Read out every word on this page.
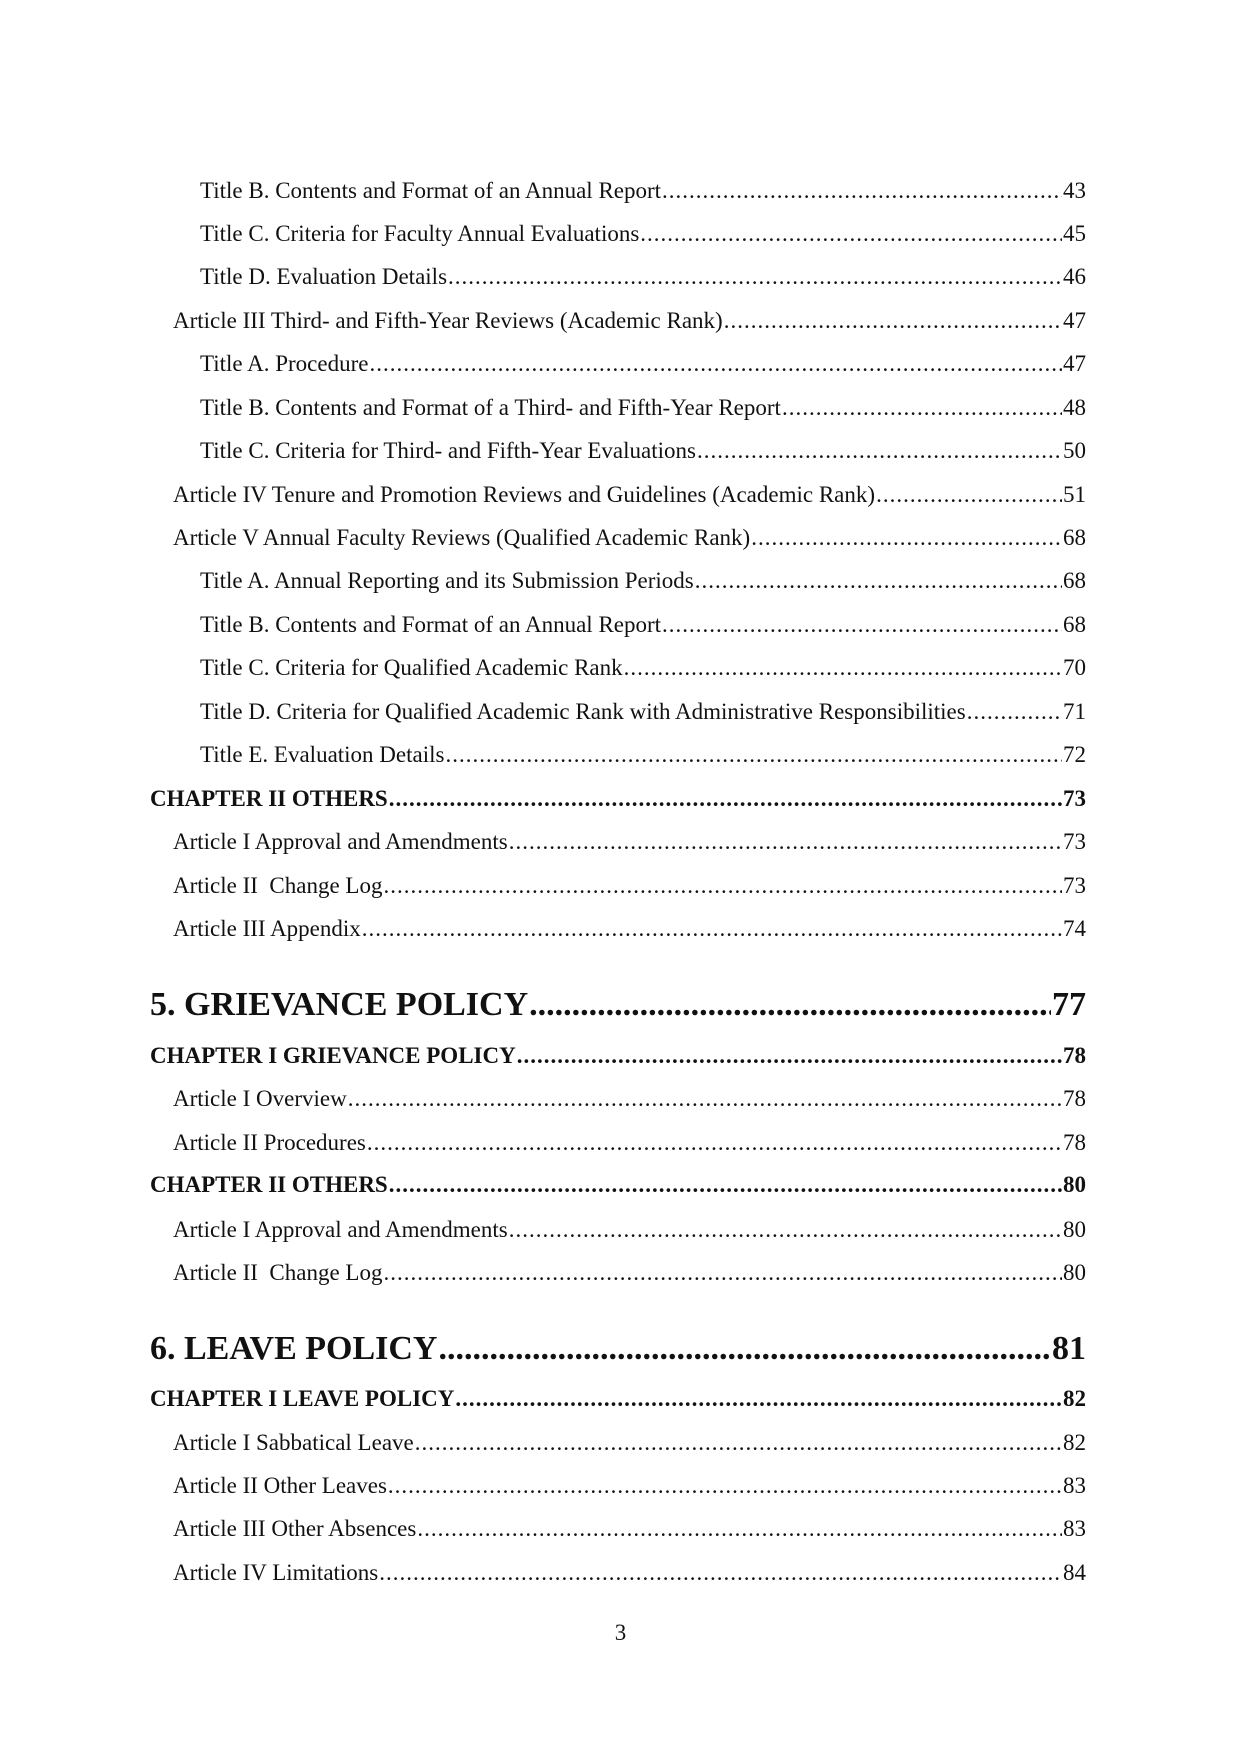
Title B. Contents and Format of an Annual Report .....	43
Title C. Criteria for Faculty Annual Evaluations .....	45
Title D. Evaluation Details .....	46
Article III Third- and Fifth-Year Reviews (Academic Rank) .....	47
Title A. Procedure .....	47
Title B. Contents and Format of a Third- and Fifth-Year Report .....	48
Title C. Criteria for Third- and Fifth-Year Evaluations .....	50
Article IV Tenure and Promotion Reviews and Guidelines (Academic Rank) .....	51
Article V Annual Faculty Reviews (Qualified Academic Rank) .....	68
Title A. Annual Reporting and its Submission Periods .....	68
Title B. Contents and Format of an Annual Report .....	68
Title C. Criteria for Qualified Academic Rank .....	70
Title D. Criteria for Qualified Academic Rank with Administrative Responsibilities .....	71
Title E. Evaluation Details .....	72
CHAPTER II OTHERS .....	73
Article I Approval and Amendments .....	73
Article II  Change Log .....	73
Article III Appendix .....	74
5. GRIEVANCE POLICY .....	77
CHAPTER I GRIEVANCE POLICY .....	78
Article I Overview .....	78
Article II Procedures .....	78
CHAPTER II OTHERS .....	80
Article I Approval and Amendments .....	80
Article II  Change Log .....	80
6. LEAVE POLICY .....	81
CHAPTER I LEAVE POLICY .....	82
Article I Sabbatical Leave .....	82
Article II Other Leaves .....	83
Article III Other Absences .....	83
Article IV Limitations .....	84
3
